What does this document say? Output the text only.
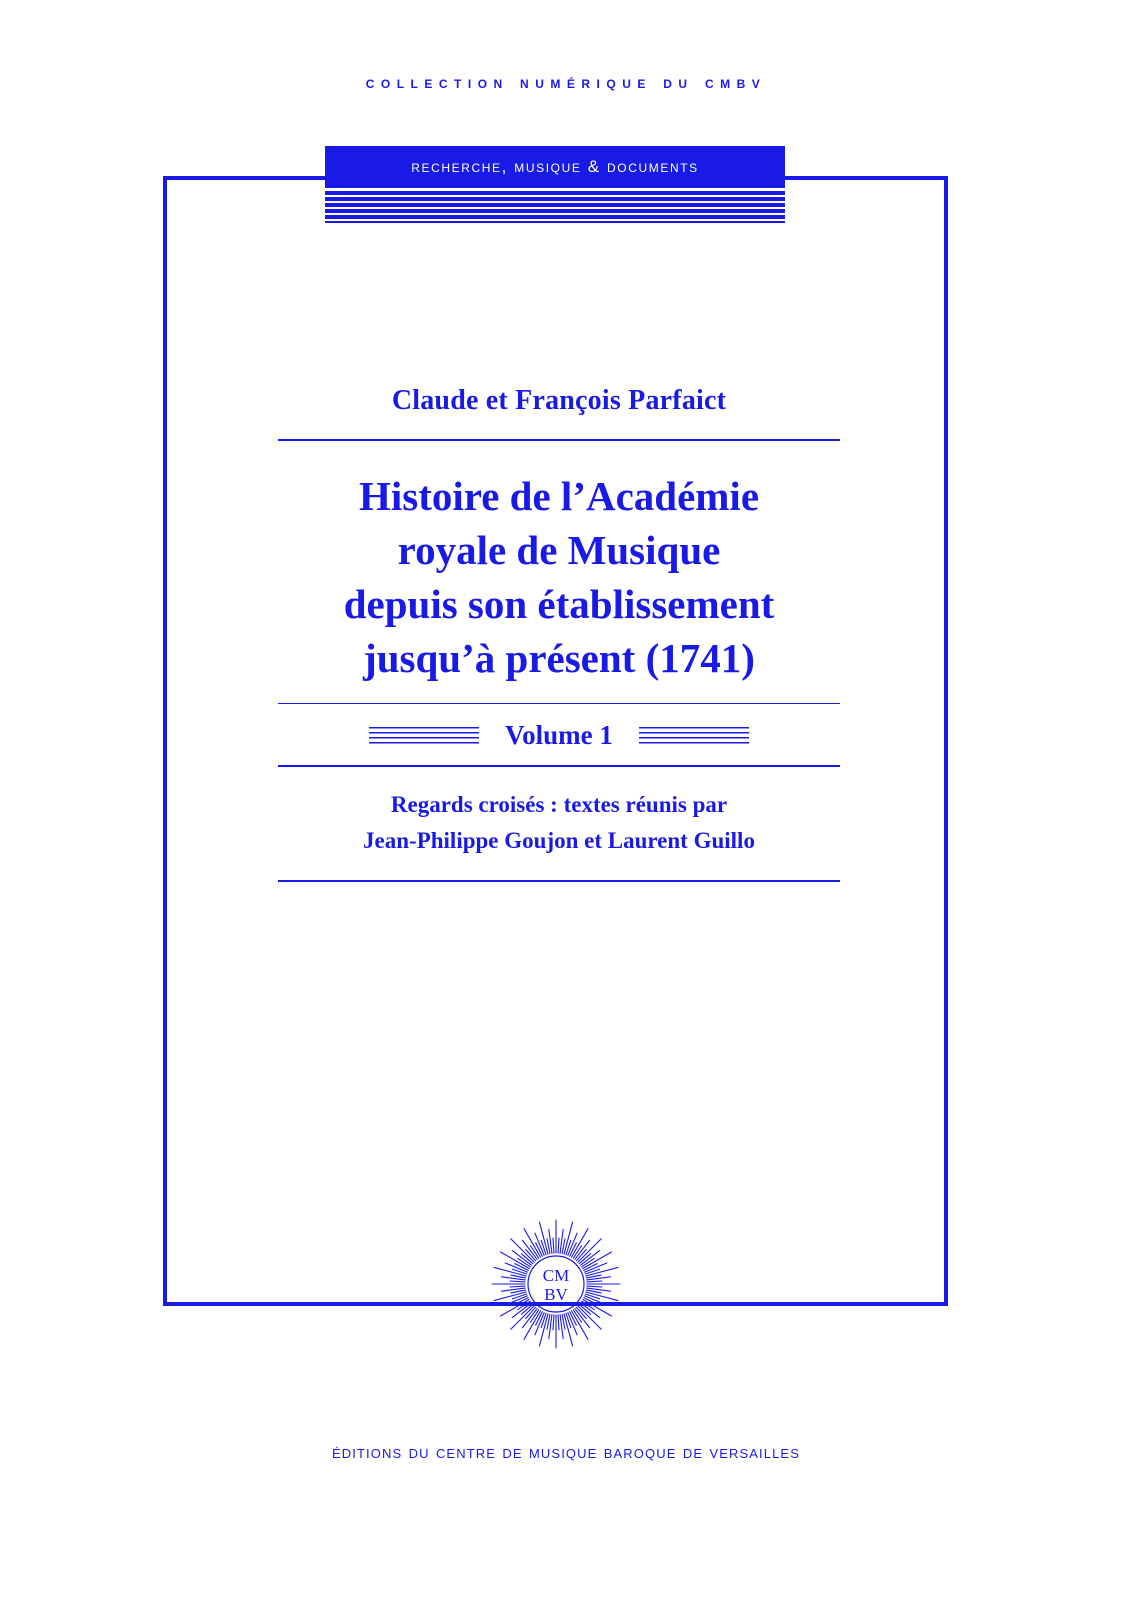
collection numérique du cmbv
recherche, musique & documents
Claude et François Parfaict
Histoire de l’Académie
royale de Musique
depuis son établissement
jusqu’à présent (1741)
Volume 1
Regards croisés : textes réunis par
Jean-Philippe Goujon et Laurent Guillo
CM
BV
éditions du centre de musique baroque de versailles
